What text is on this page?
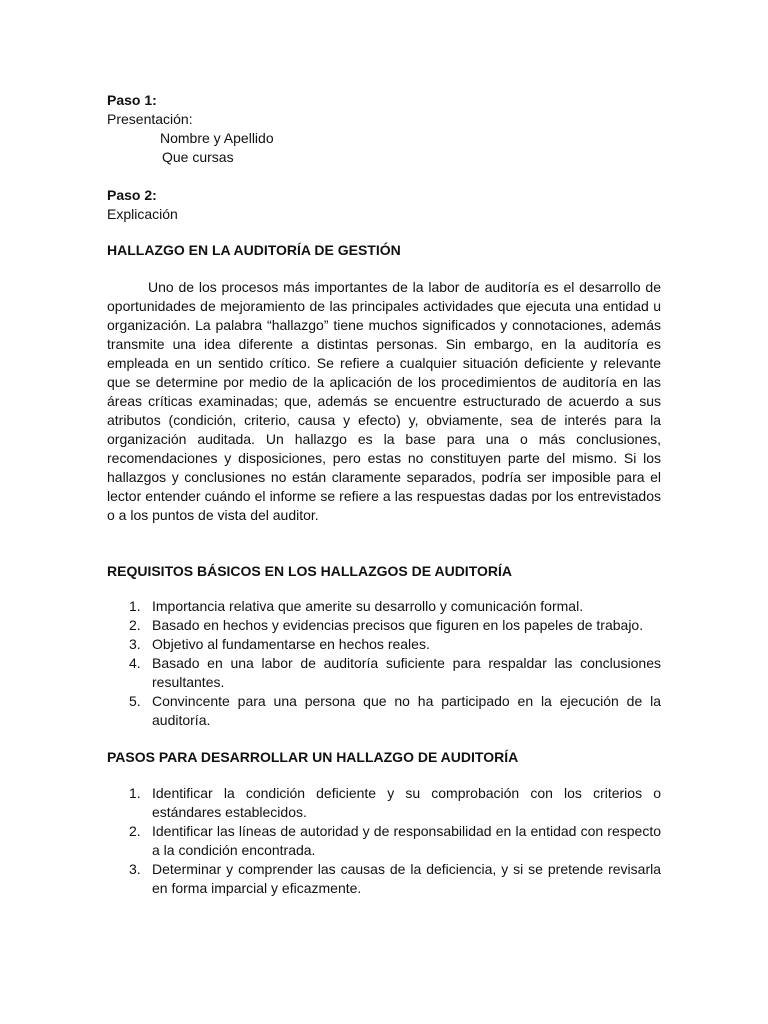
Paso 1:

Presentación:

Nombre y Apellido

Que cursas

Paso 2:

Explicación

HALLAZGO EN LA AUDITORÍA DE GESTIÓN

Uno de los procesos más importantes de la labor de auditoría es el desarrollo de oportunidades de mejoramiento de las principales actividades que ejecuta una entidad u organización. La palabra “hallazgo” tiene muchos significados y connotaciones, además transmite una idea diferente a distintas personas. Sin embargo, en la auditoría es empleada en un sentido crítico. Se refiere a cualquier situación deficiente y relevante que se determine por medio de la aplicación de los procedimientos de auditoría en las áreas críticas examinadas; que, además se encuentre estructurado de acuerdo a sus atributos (condición, criterio, causa y efecto) y, obviamente, sea de interés para la organización auditada. Un hallazgo es la base para una o más conclusiones, recomendaciones y disposiciones, pero estas no constituyen parte del mismo. Si los hallazgos y conclusiones no están claramente separados, podría ser imposible para el lector entender cuándo el informe se refiere a las respuestas dadas por los entrevistados o a los puntos de vista del auditor.

REQUISITOS BÁSICOS EN LOS HALLAZGOS DE AUDITORÍA
1. Importancia relativa que amerite su desarrollo y comunicación formal.
2. Basado en hechos y evidencias precisos que figuren en los papeles de trabajo.
3. Objetivo al fundamentarse en hechos reales.
4. Basado en una labor de auditoría suficiente para respaldar las conclusiones resultantes.
5. Convincente para una persona que no ha participado en la ejecución de la auditoría.
PASOS PARA DESARROLLAR UN HALLAZGO DE AUDITORÍA
1. Identificar la condición deficiente y su comprobación con los criterios o estándares establecidos.
2. Identificar las líneas de autoridad y de responsabilidad en la entidad con respecto a la condición encontrada.
3. Determinar y comprender las causas de la deficiencia, y si se pretende revisarla en forma imparcial y eficazmente.
